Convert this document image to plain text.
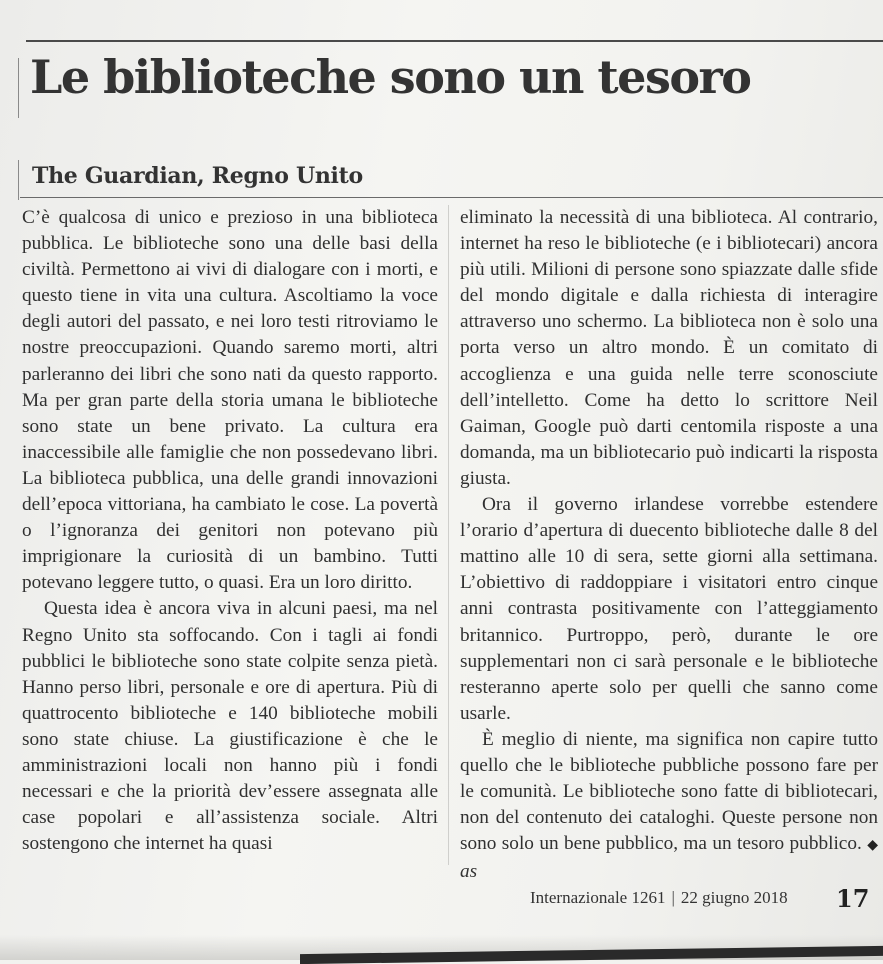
Le biblioteche sono un tesoro
The Guardian, Regno Unito

C’è qualcosa di unico e prezioso in una biblioteca pubblica. Le biblioteche sono una delle basi della civiltà. Permettono ai vivi di dialogare con i morti, e questo tiene in vita una cultura. Ascoltiamo la voce degli autori del passato, e nei loro testi ritroviamo le nostre preoccupazioni. Quando saremo morti, altri parleranno dei libri che sono nati da questo rapporto. Ma per gran parte della storia umana le biblioteche sono state un bene privato. La cultura era inaccessibile alle famiglie che non possedevano libri. La biblioteca pubblica, una delle grandi innovazioni dell’epoca vittoriana, ha cambiato le cose. La povertà o l’ignoranza dei genitori non potevano più imprigionare la curiosità di un bambino. Tutti potevano leggere tutto, o quasi. Era un loro diritto.

Questa idea è ancora viva in alcuni paesi, ma nel Regno Unito sta soffocando. Con i tagli ai fondi pubblici le biblioteche sono state colpite senza pietà. Hanno perso libri, personale e ore di apertura. Più di quattrocento biblioteche e 140 biblioteche mobili sono state chiuse. La giustificazione è che le amministrazioni locali non hanno più i fondi necessari e che la priorità dev’essere assegnata alle case popolari e all’assistenza sociale. Altri sostengono che internet ha quasi

eliminato la necessità di una biblioteca. Al contrario, internet ha reso le biblioteche (e i bibliotecari) ancora più utili. Milioni di persone sono spiazzate dalle sfide del mondo digitale e dalla richiesta di interagire attraverso uno schermo. La biblioteca non è solo una porta verso un altro mondo. È un comitato di accoglienza e una guida nelle terre sconosciute dell’intelletto. Come ha detto lo scrittore Neil Gaiman, Google può darti centomila risposte a una domanda, ma un bibliotecario può indicarti la risposta giusta.

Ora il governo irlandese vorrebbe estendere l’orario d’apertura di duecento biblioteche dalle 8 del mattino alle 10 di sera, sette giorni alla settimana. L’obiettivo di raddoppiare i visitatori entro cinque anni contrasta positivamente con l’atteggiamento britannico. Purtroppo, però, durante le ore supplementari non ci sarà personale e le biblioteche resteranno aperte solo per quelli che sanno come usarle.

È meglio di niente, ma significa non capire tutto quello che le biblioteche pubbliche possono fare per le comunità. Le biblioteche sono fatte di bibliotecari, non del contenuto dei cataloghi. Queste persone non sono solo un bene pubblico, ma un tesoro pubblico. ◆ as

Internazionale 1261 | 22 giugno 2018 17
